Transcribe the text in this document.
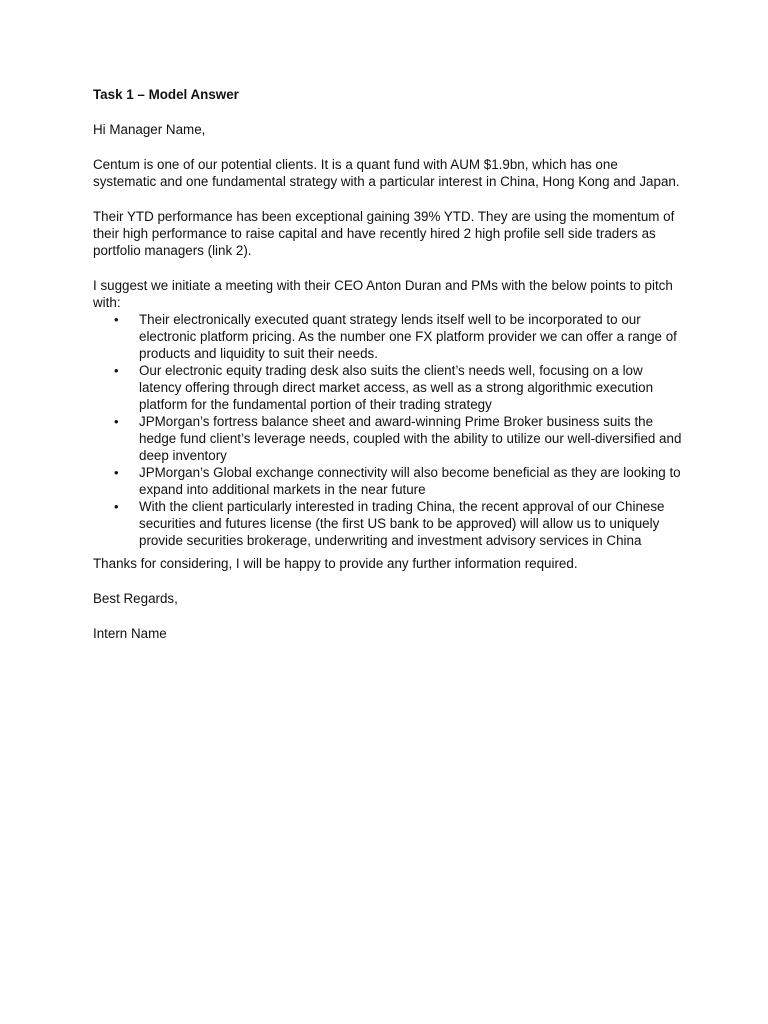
Task 1 – Model Answer
Hi Manager Name,
Centum is one of our potential clients. It is a quant fund with AUM $1.9bn, which has one systematic and one fundamental strategy with a particular interest in China, Hong Kong and Japan.
Their YTD performance has been exceptional gaining 39% YTD. They are using the momentum of their high performance to raise capital and have recently hired 2 high profile sell side traders as portfolio managers (link 2).
I suggest we initiate a meeting with their CEO Anton Duran and PMs with the below points to pitch with:
• Their electronically executed quant strategy lends itself well to be incorporated to our electronic platform pricing. As the number one FX platform provider we can offer a range of products and liquidity to suit their needs.
• Our electronic equity trading desk also suits the client’s needs well, focusing on a low latency offering through direct market access, as well as a strong algorithmic execution platform for the fundamental portion of their trading strategy
• JPMorgan’s fortress balance sheet and award-winning Prime Broker business suits the hedge fund client’s leverage needs, coupled with the ability to utilize our well-diversified and deep inventory
• JPMorgan’s Global exchange connectivity will also become beneficial as they are looking to expand into additional markets in the near future
• With the client particularly interested in trading China, the recent approval of our Chinese securities and futures license (the first US bank to be approved) will allow us to uniquely provide securities brokerage, underwriting and investment advisory services in China
Thanks for considering, I will be happy to provide any further information required.
Best Regards,
Intern Name
